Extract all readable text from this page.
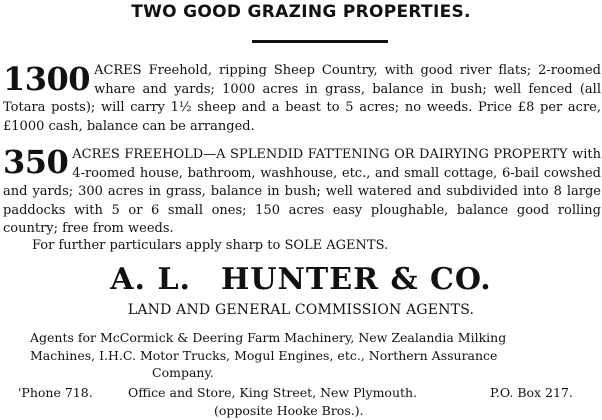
TWO GOOD GRAZING PROPERTIES.
1300 ACRES Freehold, ripping Sheep Country, with good river flats; 2-roomed whare and yards; 1000 acres in grass, balance in bush; well fenced (all Totara posts); will carry 1½ sheep and a beast to 5 acres; no weeds. Price £8 per acre, £1000 cash, balance can be arranged.
350 ACRES FREEHOLD—A SPLENDID FATTENING OR DAIRYING PROPERTY with 4-roomed house, bathroom, washhouse, etc., and small cottage, 6-bail cowshed and yards; 300 acres in grass, balance in bush; well watered and subdivided into 8 large paddocks with 5 or 6 small ones; 150 acres easy ploughable, balance good rolling country; free from weeds.
For further particulars apply sharp to SOLE AGENTS.
A. L. HUNTER & CO.
LAND AND GENERAL COMMISSION AGENTS.
Agents for McCormick & Deering Farm Machinery, New Zealandia Milking Machines, I.H.C. Motor Trucks, Mogul Engines, etc., Northern Assurance
Company.
'Phone 718.	Office and Store, King Street, New Plymouth.	P.O. Box 217.
(opposite Hooke Bros.).
